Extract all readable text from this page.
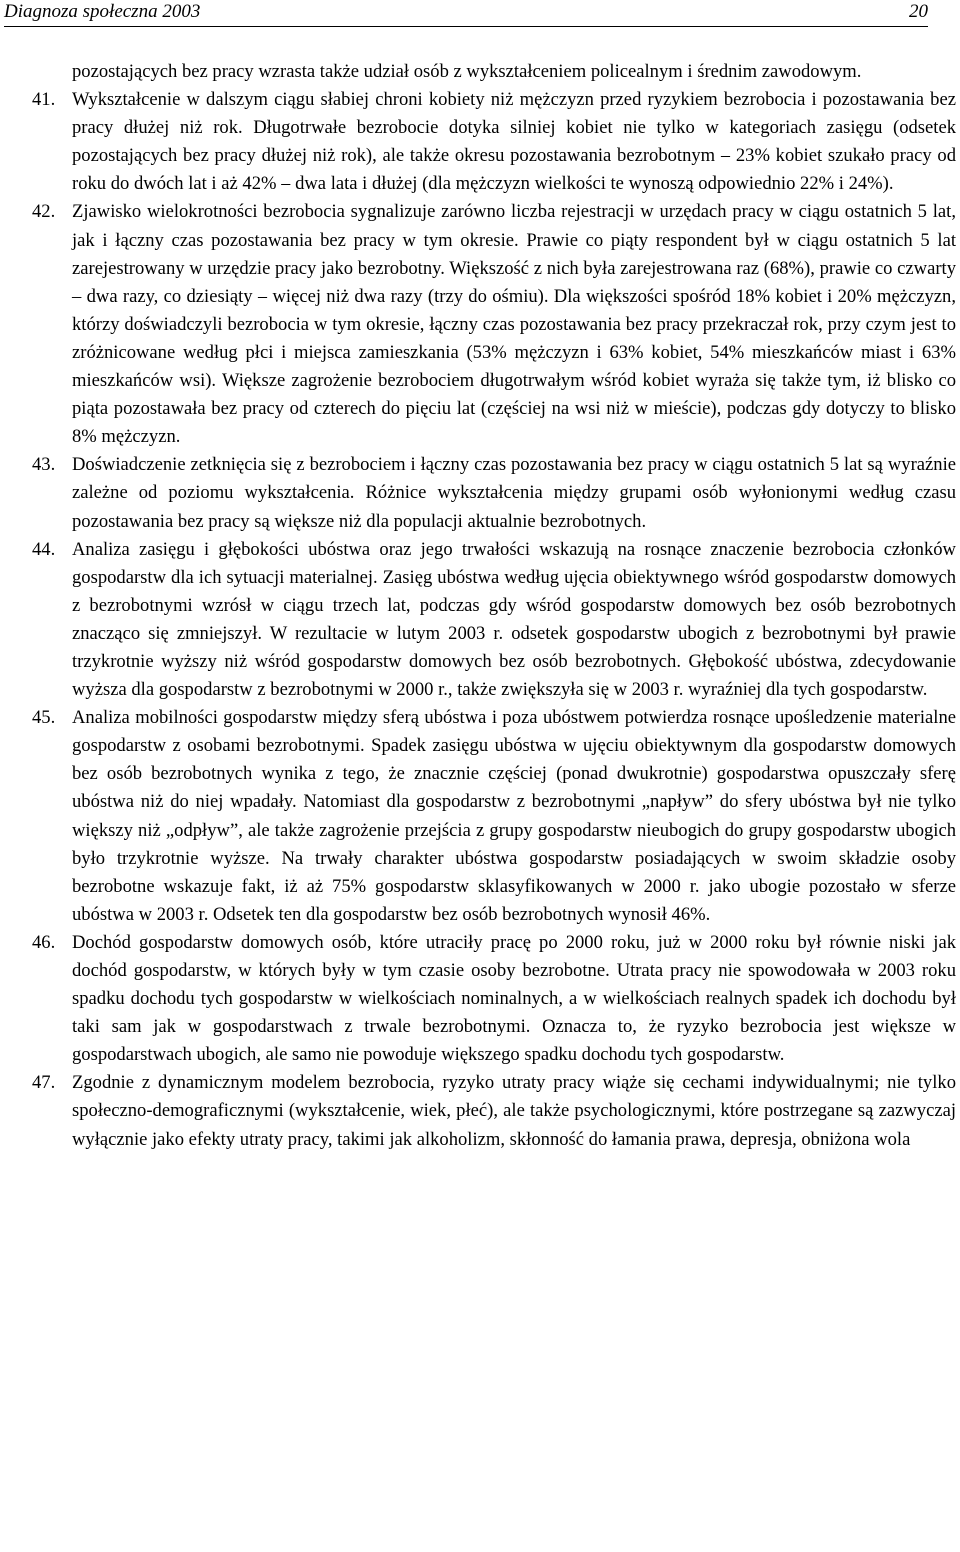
Diagnoza społeczna 2003	20

pozostających bez pracy wzrasta także udział osób z wykształceniem policealnym i średnim zawodowym.

41. Wykształcenie w dalszym ciągu słabiej chroni kobiety niż mężczyzn przed ryzykiem bezrobocia i pozostawania bez pracy dłużej niż rok. Długotrwałe bezrobocie dotyka silniej kobiet nie tylko w kategoriach zasięgu (odsetek pozostających bez pracy dłużej niż rok), ale także okresu pozostawania bezrobotnym ⎯ 23% kobiet szukało pracy od roku do dwóch lat i aż 42% ⎯ dwa lata i dłużej (dla mężczyzn wielkości te wynoszą odpowiednio 22% i 24%).

42. Zjawisko wielokrotności bezrobocia sygnalizuje zarówno liczba rejestracji w urzędach pracy w ciągu ostatnich 5 lat, jak i łączny czas pozostawania bez pracy w tym okresie. Prawie co piąty respondent był w ciągu ostatnich 5 lat zarejestrowany w urzędzie pracy jako bezrobotny. Większość z nich była zarejestrowana raz (68%), prawie co czwarty – dwa razy, co dziesiąty ⎯ więcej niż dwa razy (trzy do ośmiu). Dla większości spośród 18% kobiet i 20% mężczyzn, którzy doświadczyli bezrobocia w tym okresie, łączny czas pozostawania bez pracy przekraczał rok, przy czym jest to zróżnicowane według płci i miejsca zamieszkania (53% mężczyzn i 63% kobiet, 54% mieszkańców miast i 63% mieszkańców wsi). Większe zagrożenie bezrobociem długotrwałym wśród kobiet wyraża się także tym, iż blisko co piąta pozostawała bez pracy od czterech do pięciu lat (częściej na wsi niż w mieście), podczas gdy dotyczy to blisko 8% mężczyzn.

43. Doświadczenie zetknięcia się z bezrobociem i łączny czas pozostawania bez pracy w ciągu ostatnich 5 lat są wyraźnie zależne od poziomu wykształcenia. Różnice wykształcenia między grupami osób wyłonionymi według czasu pozostawania bez pracy są większe niż dla populacji aktualnie bezrobotnych.

44. Analiza zasięgu i głębokości ubóstwa oraz jego trwałości wskazują na rosnące znaczenie bezrobocia członków gospodarstw dla ich sytuacji materialnej. Zasięg ubóstwa według ujęcia obiektywnego wśród gospodarstw domowych z bezrobotnymi wzrósł w ciągu trzech lat, podczas gdy wśród gospodarstw domowych bez osób bezrobotnych znacząco się zmniejszył. W rezultacie w lutym 2003 r. odsetek gospodarstw ubogich z bezrobotnymi był prawie trzykrotnie wyższy niż wśród gospodarstw domowych bez osób bezrobotnych. Głębokość ubóstwa, zdecydowanie wyższa dla gospodarstw z bezrobotnymi w 2000 r., także zwiększyła się w 2003 r. wyraźniej dla tych gospodarstw.

45. Analiza mobilności gospodarstw między sferą ubóstwa i poza ubóstwem potwierdza rosnące upośledzenie materialne gospodarstw z osobami bezrobotnymi. Spadek zasięgu ubóstwa w ujęciu obiektywnym dla gospodarstw domowych bez osób bezrobotnych wynika z tego, że znacznie częściej (ponad dwukrotnie) gospodarstwa opuszczały sferę ubóstwa niż do niej wpadały. Natomiast dla gospodarstw z bezrobotnymi „napływ” do sfery ubóstwa był nie tylko większy niż „odpływ”, ale także zagrożenie przejścia z grupy gospodarstw nieubogich do grupy gospodarstw ubogich było trzykrotnie wyższe. Na trwały charakter ubóstwa gospodarstw posiadających w swoim składzie osoby bezrobotne wskazuje fakt, iż aż 75% gospodarstw sklasyfikowanych w 2000 r. jako ubogie pozostało w sferze ubóstwa w 2003 r. Odsetek ten dla gospodarstw bez osób bezrobotnych wynosił 46%.

46. Dochód gospodarstw domowych osób, które utraciły pracę po 2000 roku, już w 2000 roku był równie niski jak dochód gospodarstw, w których były w tym czasie osoby bezrobotne. Utrata pracy nie spowodowała w 2003 roku spadku dochodu tych gospodarstw w wielkościach nominalnych, a w wielkościach realnych spadek ich dochodu był taki sam jak w gospodarstwach z trwale bezrobotnymi. Oznacza to, że ryzyko bezrobocia jest większe w gospodarstwach ubogich, ale samo nie powoduje większego spadku dochodu tych gospodarstw.

47. Zgodnie z dynamicznym modelem bezrobocia, ryzyko utraty pracy wiąże się cechami indywidualnymi; nie tylko społeczno-demograficznymi (wykształcenie, wiek, płeć), ale także psychologicznymi, które postrzegane są zazwyczaj wyłącznie jako efekty utraty pracy, takimi jak alkoholizm, skłonność do łamania prawa, depresja, obniżona wola
